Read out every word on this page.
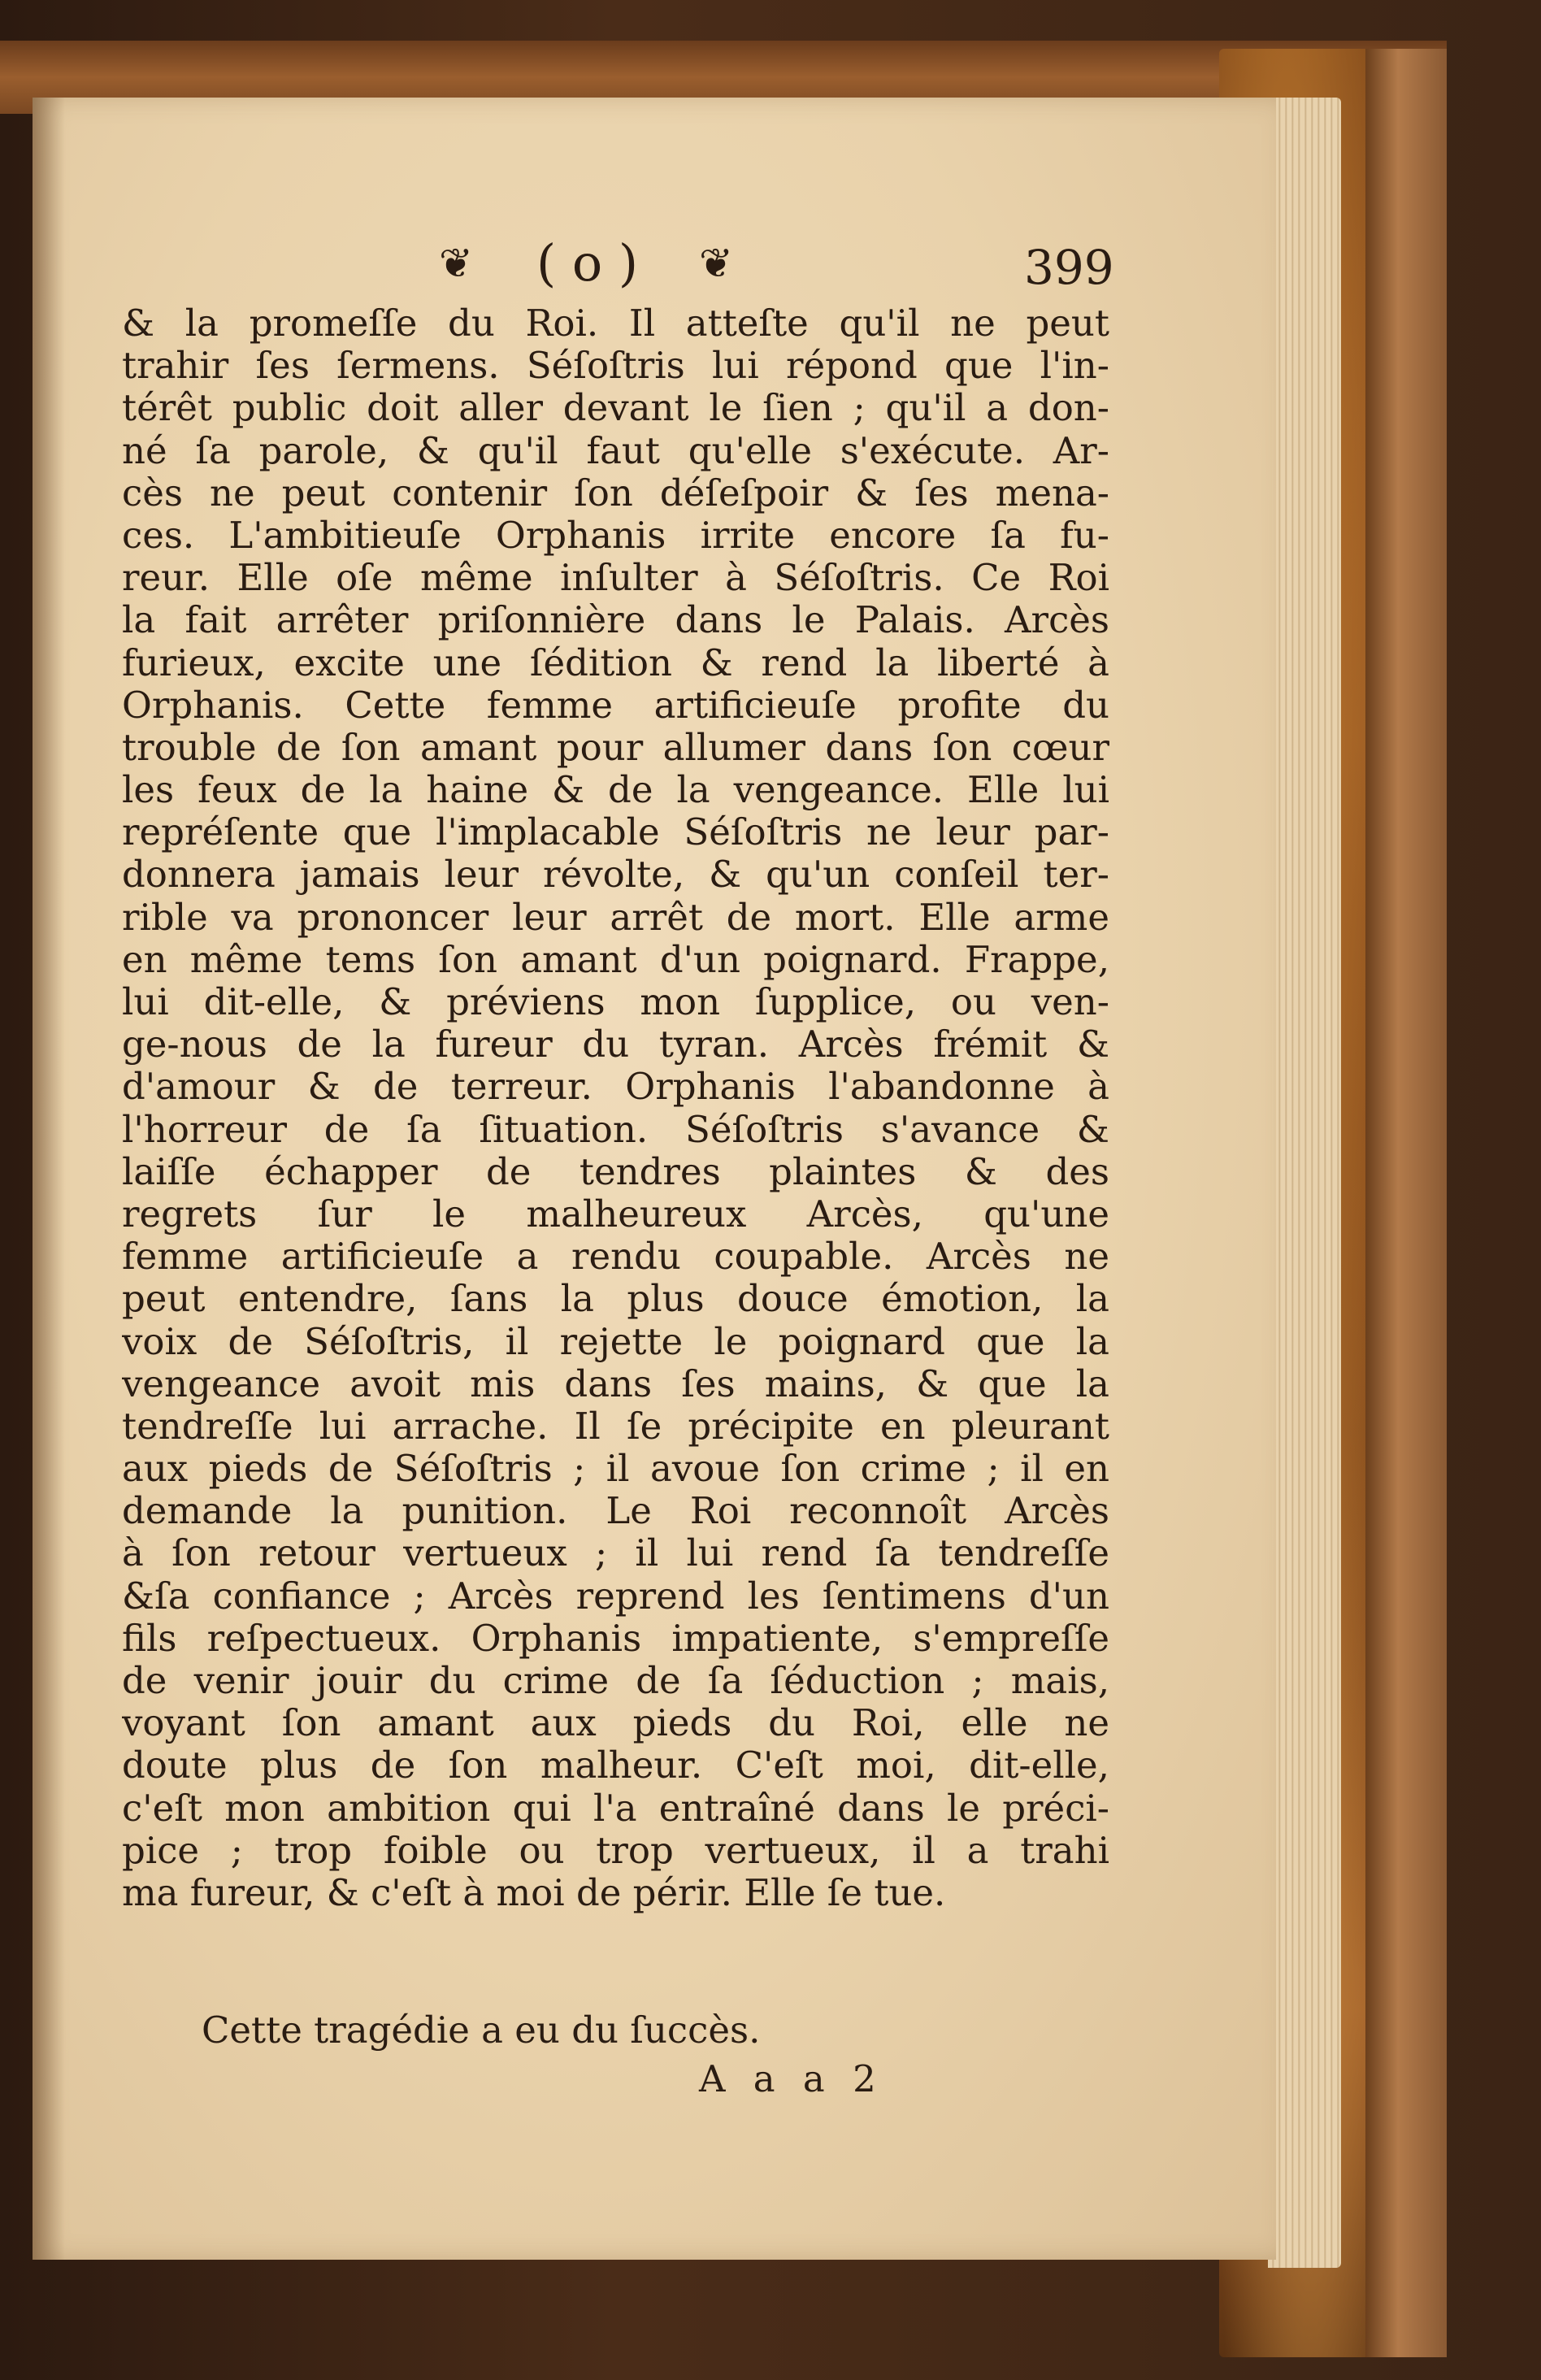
❦ ( o ) ❦	399
& la promeſſe du Roi. Il atteſte qu'il ne peut
trahir ſes ſermens. Séſoſtris lui répond que l'in-
térêt public doit aller devant le ſien ; qu'il a don-
né ſa parole, & qu'il faut qu'elle s'exécute. Ar-
cès ne peut contenir ſon déſeſpoir & ſes mena-
ces. L'ambitieuſe Orphanis irrite encore ſa fu-
reur. Elle oſe même inſulter à Séſoſtris. Ce Roi
la fait arrêter priſonnière dans le Palais. Arcès
furieux, excite une ſédition & rend la liberté à
Orphanis. Cette femme artificieuſe profite du
trouble de ſon amant pour allumer dans ſon cœur
les feux de la haine & de la vengeance. Elle lui
repréſente que l'implacable Séſoſtris ne leur par-
donnera jamais leur révolte, & qu'un conſeil ter-
rible va prononcer leur arrêt de mort. Elle arme
en même tems ſon amant d'un poignard. Frappe,
lui dit-elle, & préviens mon ſupplice, ou ven-
ge-nous de la fureur du tyran. Arcès frémit &
d'amour & de terreur. Orphanis l'abandonne à
l'horreur de ſa ſituation. Séſoſtris s'avance &
laiſſe échapper de tendres plaintes & des
regrets ſur le malheureux Arcès, qu'une
femme artificieuſe a rendu coupable. Arcès ne
peut entendre, ſans la plus douce émotion, la
voix de Séſoſtris, il rejette le poignard que la
vengeance avoit mis dans ſes mains, & que la
tendreſſe lui arrache. Il ſe précipite en pleurant
aux pieds de Séſoſtris ; il avoue ſon crime ; il en
demande la punition. Le Roi reconnoît Arcès
à ſon retour vertueux ; il lui rend ſa tendreſſe
&ſa confiance ; Arcès reprend les ſentimens d'un
fils reſpectueux. Orphanis impatiente, s'empreſſe
de venir jouir du crime de ſa ſéduction ; mais,
voyant ſon amant aux pieds du Roi, elle ne
doute plus de ſon malheur. C'eſt moi, dit-elle,
c'eſt mon ambition qui l'a entraîné dans le préci-
pice ; trop foible ou trop vertueux, il a trahi
ma fureur, & c'eſt à moi de périr. Elle ſe tue.
Cette tragédie a eu du ſuccès.
A a a 2
